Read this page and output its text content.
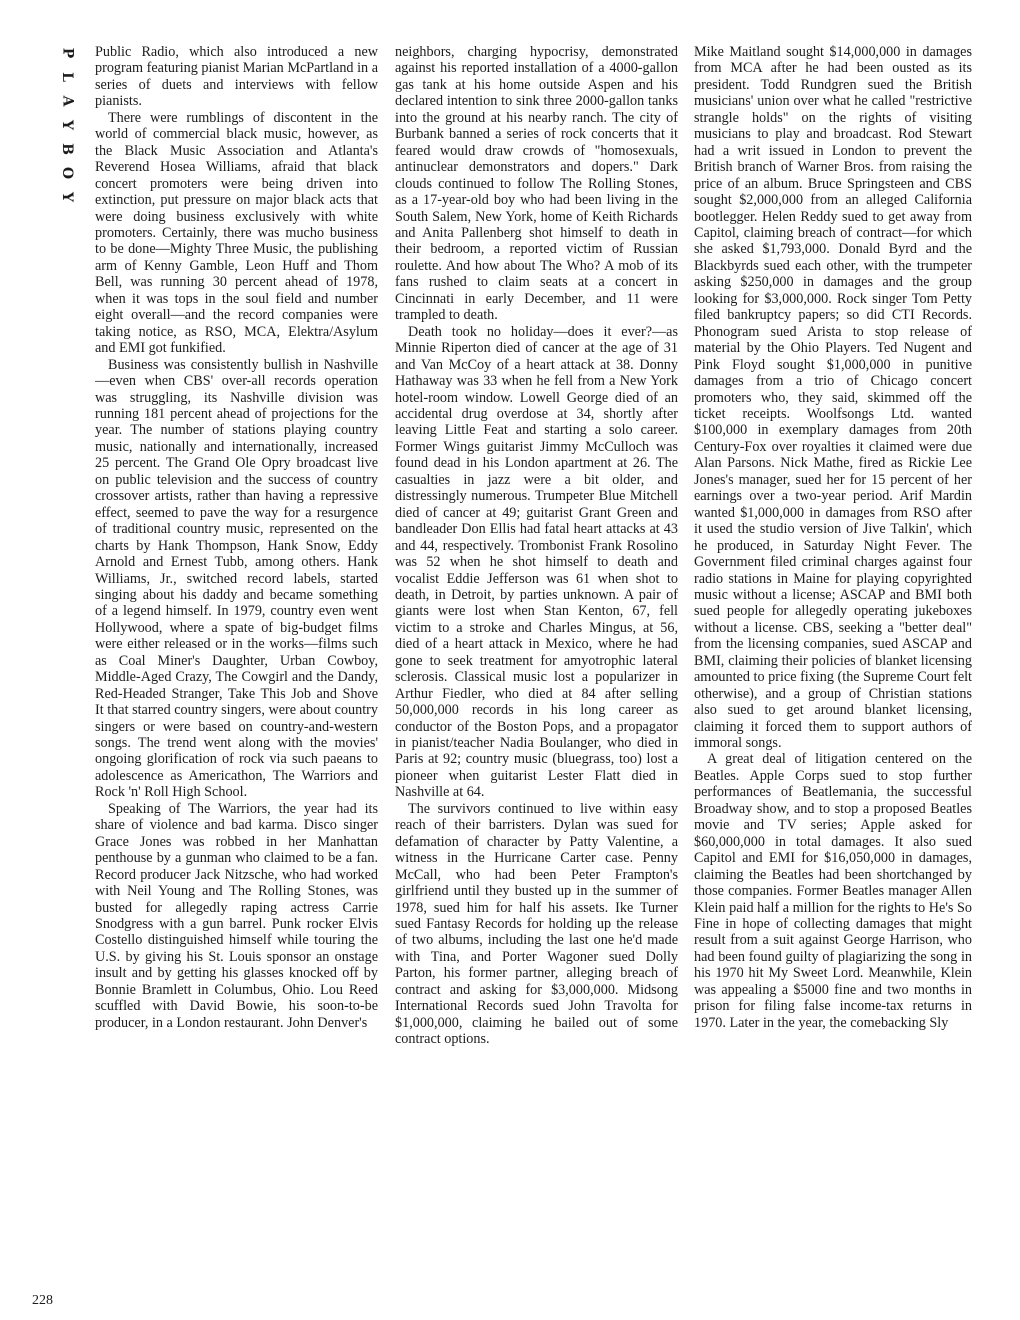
P
L
A
Y
B
O
Y
228

Public Radio, which also introduced a new program featuring pianist Marian McPartland in a series of duets and interviews with fellow pianists.

There were rumblings of discontent in the world of commercial black music, however, as the Black Music Association and Atlanta's Reverend Hosea Williams, afraid that black concert promoters were being driven into extinction, put pressure on major black acts that were doing business exclusively with white promoters. Certainly, there was mucho business to be done—Mighty Three Music, the publishing arm of Kenny Gamble, Leon Huff and Thom Bell, was running 30 percent ahead of 1978, when it was tops in the soul field and number eight overall—and the record companies were taking notice, as RSO, MCA, Elektra/Asylum and EMI got funkified.

Business was consistently bullish in Nashville—even when CBS' over-all records operation was struggling, its Nashville division was running 181 percent ahead of projections for the year. The number of stations playing country music, nationally and internationally, increased 25 percent. The Grand Ole Opry broadcast live on public television and the success of country crossover artists, rather than having a repressive effect, seemed to pave the way for a resurgence of traditional country music, represented on the charts by Hank Thompson, Hank Snow, Eddy Arnold and Ernest Tubb, among others. Hank Williams, Jr., switched record labels, started singing about his daddy and became something of a legend himself. In 1979, country even went Hollywood, where a spate of big-budget films were either released or in the works—films such as Coal Miner's Daughter, Urban Cowboy, Middle-Aged Crazy, The Cowgirl and the Dandy, Red-Headed Stranger, Take This Job and Shove It that starred country singers, were about country singers or were based on country-and-western songs. The trend went along with the movies' ongoing glorification of rock via such paeans to adolescence as Americathon, The Warriors and Rock 'n' Roll High School.

Speaking of The Warriors, the year had its share of violence and bad karma. Disco singer Grace Jones was robbed in her Manhattan penthouse by a gunman who claimed to be a fan. Record producer Jack Nitzsche, who had worked with Neil Young and The Rolling Stones, was busted for allegedly raping actress Carrie Snodgress with a gun barrel. Punk rocker Elvis Costello distinguished himself while touring the U.S. by giving his St. Louis sponsor an onstage insult and by getting his glasses knocked off by Bonnie Bramlett in Columbus, Ohio. Lou Reed scuffled with David Bowie, his soon-to-be producer, in a London restaurant. John Denver's

neighbors, charging hypocrisy, demonstrated against his reported installation of a 4000-gallon gas tank at his home outside Aspen and his declared intention to sink three 2000-gallon tanks into the ground at his nearby ranch. The city of Burbank banned a series of rock concerts that it feared would draw crowds of "homosexuals, antinuclear demonstrators and dopers." Dark clouds continued to follow The Rolling Stones, as a 17-year-old boy who had been living in the South Salem, New York, home of Keith Richards and Anita Pallenberg shot himself to death in their bedroom, a reported victim of Russian roulette. And how about The Who? A mob of its fans rushed to claim seats at a concert in Cincinnati in early December, and 11 were trampled to death.

Death took no holiday—does it ever?—as Minnie Riperton died of cancer at the age of 31 and Van McCoy of a heart attack at 38. Donny Hathaway was 33 when he fell from a New York hotel-room window. Lowell George died of an accidental drug overdose at 34, shortly after leaving Little Feat and starting a solo career. Former Wings guitarist Jimmy McCulloch was found dead in his London apartment at 26. The casualties in jazz were a bit older, and distressingly numerous. Trumpeter Blue Mitchell died of cancer at 49; guitarist Grant Green and bandleader Don Ellis had fatal heart attacks at 43 and 44, respectively. Trombonist Frank Rosolino was 52 when he shot himself to death and vocalist Eddie Jefferson was 61 when shot to death, in Detroit, by parties unknown. A pair of giants were lost when Stan Kenton, 67, fell victim to a stroke and Charles Mingus, at 56, died of a heart attack in Mexico, where he had gone to seek treatment for amyotrophic lateral sclerosis. Classical music lost a popularizer in Arthur Fiedler, who died at 84 after selling 50,000,000 records in his long career as conductor of the Boston Pops, and a propagator in pianist/teacher Nadia Boulanger, who died in Paris at 92; country music (bluegrass, too) lost a pioneer when guitarist Lester Flatt died in Nashville at 64.

The survivors continued to live within easy reach of their barristers. Dylan was sued for defamation of character by Patty Valentine, a witness in the Hurricane Carter case. Penny McCall, who had been Peter Frampton's girlfriend until they busted up in the summer of 1978, sued him for half his assets. Ike Turner sued Fantasy Records for holding up the release of two albums, including the last one he'd made with Tina, and Porter Wagoner sued Dolly Parton, his former partner, alleging breach of contract and asking for $3,000,000. Midsong International Records sued John Travolta for $1,000,000, claiming he bailed out of some contract options.

Mike Maitland sought $14,000,000 in damages from MCA after he had been ousted as its president. Todd Rundgren sued the British musicians' union over what he called "restrictive strangle holds" on the rights of visiting musicians to play and broadcast. Rod Stewart had a writ issued in London to prevent the British branch of Warner Bros. from raising the price of an album. Bruce Springsteen and CBS sought $2,000,000 from an alleged California bootlegger. Helen Reddy sued to get away from Capitol, claiming breach of contract—for which she asked $1,793,000. Donald Byrd and the Blackbyrds sued each other, with the trumpeter asking $250,000 in damages and the group looking for $3,000,000. Rock singer Tom Petty filed bankruptcy papers; so did CTI Records. Phonogram sued Arista to stop release of material by the Ohio Players. Ted Nugent and Pink Floyd sought $1,000,000 in punitive damages from a trio of Chicago concert promoters who, they said, skimmed off the ticket receipts. Woolfsongs Ltd. wanted $100,000 in exemplary damages from 20th Century-Fox over royalties it claimed were due Alan Parsons. Nick Mathe, fired as Rickie Lee Jones's manager, sued her for 15 percent of her earnings over a two-year period. Arif Mardin wanted $1,000,000 in damages from RSO after it used the studio version of Jive Talkin', which he produced, in Saturday Night Fever. The Government filed criminal charges against four radio stations in Maine for playing copyrighted music without a license; ASCAP and BMI both sued people for allegedly operating jukeboxes without a license. CBS, seeking a "better deal" from the licensing companies, sued ASCAP and BMI, claiming their policies of blanket licensing amounted to price fixing (the Supreme Court felt otherwise), and a group of Christian stations also sued to get around blanket licensing, claiming it forced them to support authors of immoral songs.

A great deal of litigation centered on the Beatles. Apple Corps sued to stop further performances of Beatlemania, the successful Broadway show, and to stop a proposed Beatles movie and TV series; Apple asked for $60,000,000 in total damages. It also sued Capitol and EMI for $16,050,000 in damages, claiming the Beatles had been shortchanged by those companies. Former Beatles manager Allen Klein paid half a million for the rights to He's So Fine in hope of collecting damages that might result from a suit against George Harrison, who had been found guilty of plagiarizing the song in his 1970 hit My Sweet Lord. Meanwhile, Klein was appealing a $5000 fine and two months in prison for filing false income-tax returns in 1970. Later in the year, the comebacking Sly
